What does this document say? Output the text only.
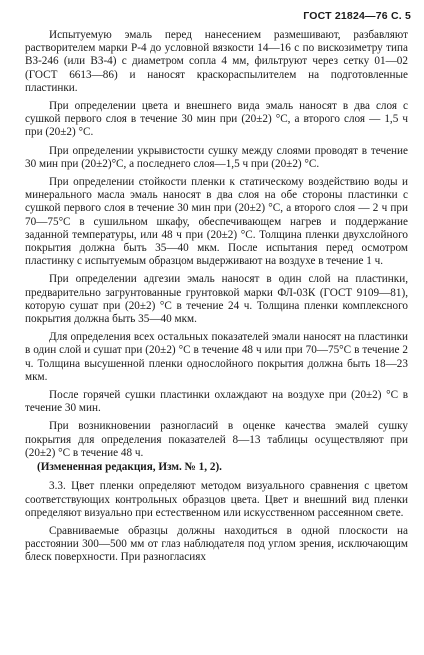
ГОСТ 21824—76 С. 5

Испытуемую эмаль перед нанесением размешивают, разбавляют растворителем марки Р-4 до условной вязкости 14—16 с по вискозиметру типа ВЗ-246 (или ВЗ-4) с диаметром сопла 4 мм, фильтруют через сетку 01—02 (ГОСТ 6613—86) и наносят краскораспылителем на подготовленные пластинки.

При определении цвета и внешнего вида эмаль наносят в два слоя с сушкой первого слоя в течение 30 мин при (20±2) °С, а второго слоя — 1,5 ч при (20±2) °С.

При определении укрывистости сушку между слоями проводят в течение 30 мин при (20±2)°С, а последнего слоя—1,5 ч при (20±2) °С.

При определении стойкости пленки к статическому воздействию воды и минерального масла эмаль наносят в два слоя на обе стороны пластинки с сушкой первого слоя в течение 30 мин при (20±2) °С, а второго слоя — 2 ч при 70—75°С в сушильном шкафу, обеспечивающем нагрев и поддержание заданной температуры, или 48 ч при (20±2) °С. Толщина пленки двухслойного покрытия должна быть 35—40 мкм. После испытания перед осмотром пластинку с испытуемым образцом выдерживают на воздухе в течение 1 ч.

При определении адгезии эмаль наносят в один слой на пластинки, предварительно загрунтованные грунтовкой марки ФЛ-03К (ГОСТ 9109—81), которую сушат при (20±2) °С в течение 24 ч. Толщина пленки комплексного покрытия должна быть 35—40 мкм.

Для определения всех остальных показателей эмали наносят на пластинки в один слой и сушат при (20±2) °С в течение 48 ч или при 70—75°С в течение 2 ч. Толщина высушенной пленки однослойного покрытия должна быть 18—23 мкм.

После горячей сушки пластинки охлаждают на воздухе при (20±2) °С в течение 30 мин.

При возникновении разногласий в оценке качества эмалей сушку покрытия для определения показателей 8—13 таблицы осуществляют при (20±2) °С в течение 48 ч.

(Измененная редакция, Изм. № 1, 2).

3.3. Цвет пленки определяют методом визуального сравнения с цветом соответствующих контрольных образцов цвета. Цвет и внешний вид пленки определяют визуально при естественном или искусственном рассеянном свете.

Сравниваемые образцы должны находиться в одной плоскости на расстоянии 300—500 мм от глаз наблюдателя под углом зрения, исключающим блеск поверхности. При разногласиях
